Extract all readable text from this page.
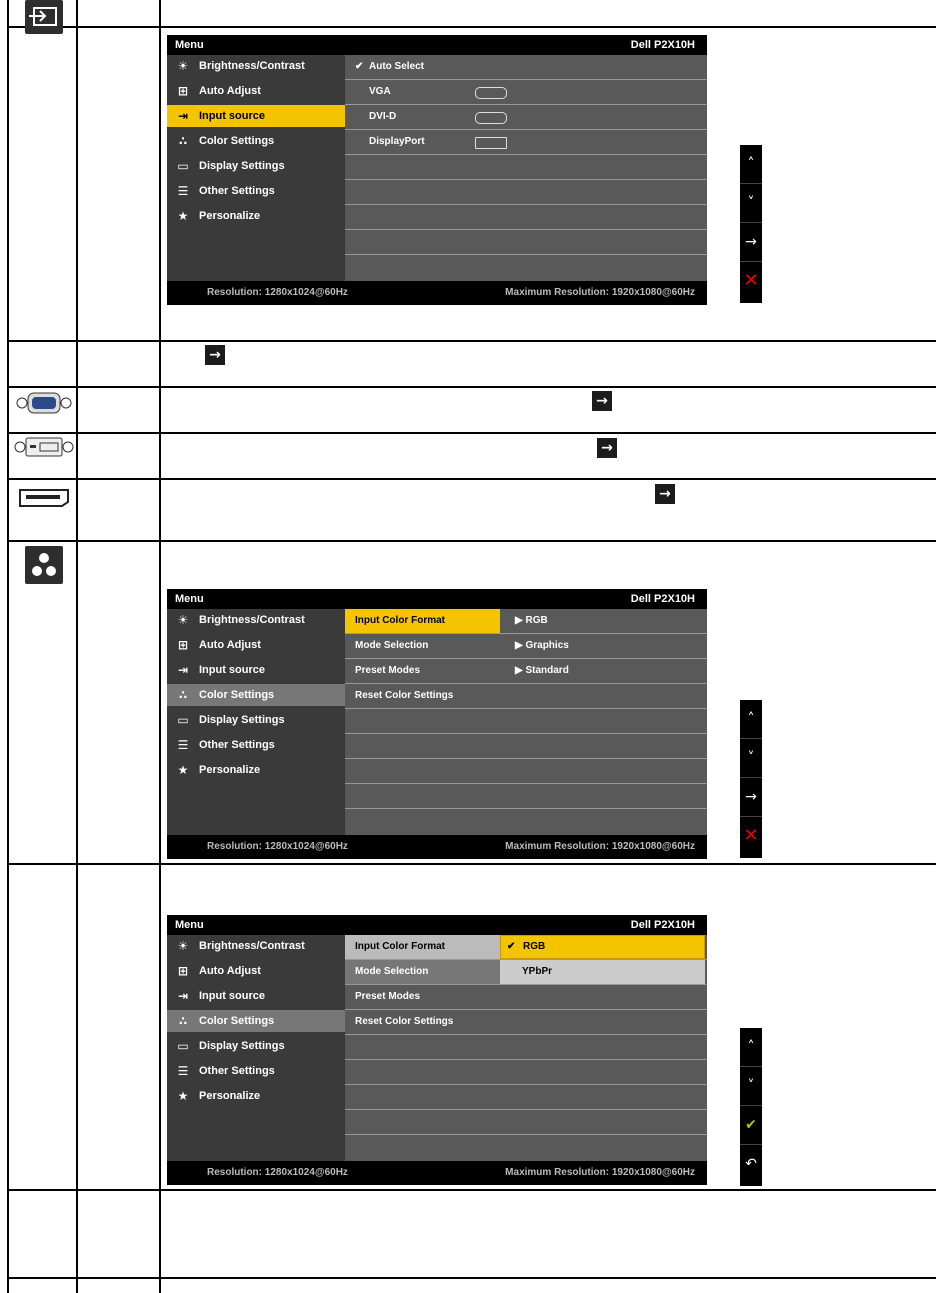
→
→
→
→
Menu	Dell P2X10H
☀ Brightness/Contrast
⊞ Auto Adjust
⇥ Input source
∴	Color Settings
▭ Display Settings
☰ Other Settings
★ Personalize
✔ Auto Select
VGA
DVI-D
DisplayPort
Resolution: 1280x1024@60Hz	Maximum Resolution: 1920x1080@60Hz
˄
˅
→
✕
Menu	Dell P2X10H
☀ Brightness/Contrast
⊞ Auto Adjust
⇥ Input source
∴	Color Settings
▭ Display Settings
☰ Other Settings
★ Personalize
Input Color Format	▶ RGB
Mode Selection	▶ Graphics
Preset Modes	▶ Standard
Reset Color Settings
Resolution: 1280x1024@60Hz	Maximum Resolution: 1920x1080@60Hz
˄
˅
→
✕
Menu	Dell P2X10H
☀ Brightness/Contrast
⊞ Auto Adjust
⇥ Input source
∴	Color Settings
▭ Display Settings
☰ Other Settings
★ Personalize
Input Color Format
Mode Selection
Preset Modes
Reset Color Settings
✔ RGB
YPbPr
Resolution: 1280x1024@60Hz	Maximum Resolution: 1920x1080@60Hz
˄
˅
✔
↶
